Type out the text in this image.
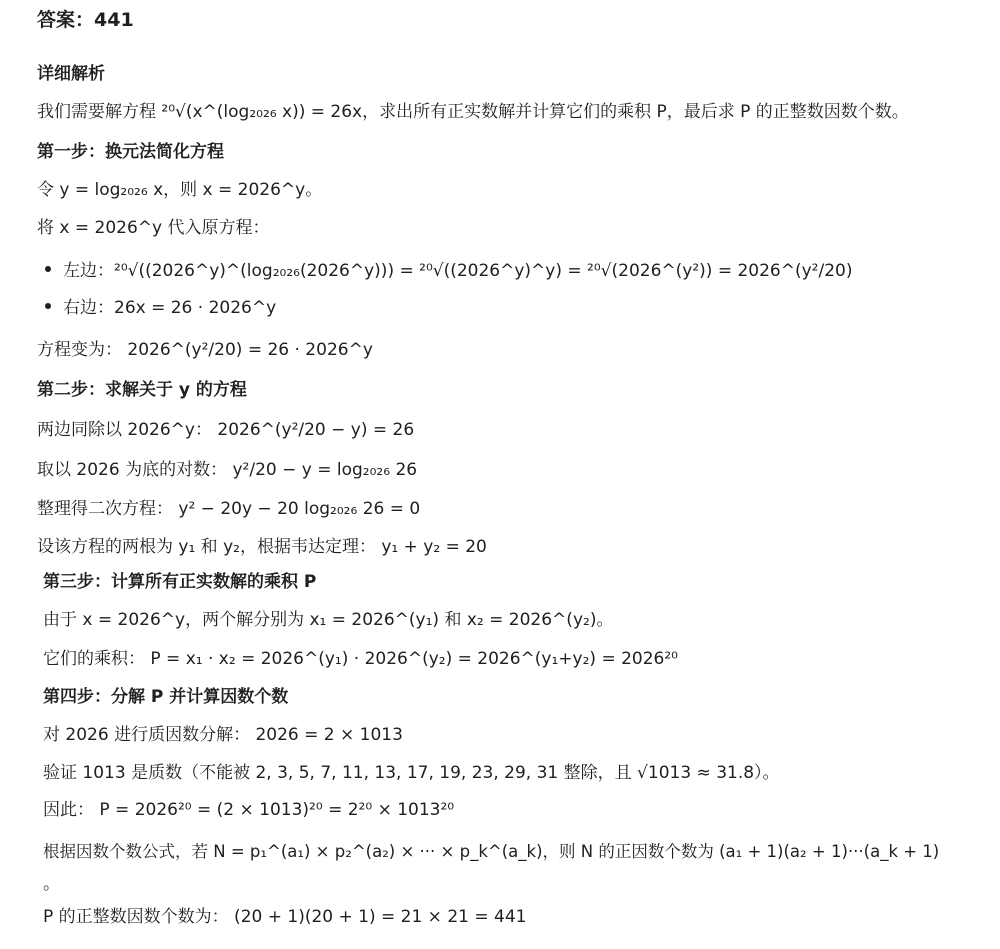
答案：441
详细解析
我们需要解方程 ²⁰√(x^(log₂₀₂₆ x)) = 26x，求出所有正实数解并计算它们的乘积 P，最后求 P 的正整数因数个数。
第一步：换元法简化方程
令 y = log₂₀₂₆ x，则 x = 2026^y。
将 x = 2026^y 代入原方程：
左边：²⁰√((2026^y)^(log₂₀₂₆(2026^y))) = ²⁰√((2026^y)^y) = ²⁰√(2026^(y²)) = 2026^(y²/20)
右边：26x = 26 · 2026^y
方程变为： 2026^(y²/20) = 26 · 2026^y
第二步：求解关于 y 的方程
两边同除以 2026^y： 2026^(y²/20 − y) = 26
取以 2026 为底的对数： y²/20 − y = log₂₀₂₆ 26
整理得二次方程： y² − 20y − 20 log₂₀₂₆ 26 = 0
设该方程的两根为 y₁ 和 y₂，根据韦达定理： y₁ + y₂ = 20
第三步：计算所有正实数解的乘积 P
由于 x = 2026^y，两个解分别为 x₁ = 2026^(y₁) 和 x₂ = 2026^(y₂)。
它们的乘积： P = x₁ · x₂ = 2026^(y₁) · 2026^(y₂) = 2026^(y₁+y₂) = 2026²⁰
第四步：分解 P 并计算因数个数
对 2026 进行质因数分解： 2026 = 2 × 1013
验证 1013 是质数（不能被 2, 3, 5, 7, 11, 13, 17, 19, 23, 29, 31 整除，且 √1013 ≈ 31.8）。
因此： P = 2026²⁰ = (2 × 1013)²⁰ = 2²⁰ × 1013²⁰
根据因数个数公式，若 N = p₁^(a₁) × p₂^(a₂) × ··· × p_k^(a_k)，则 N 的正因数个数为 (a₁ + 1)(a₂ + 1)···(a_k + 1)
。
P 的正整数因数个数为： (20 + 1)(20 + 1) = 21 × 21 = 441
